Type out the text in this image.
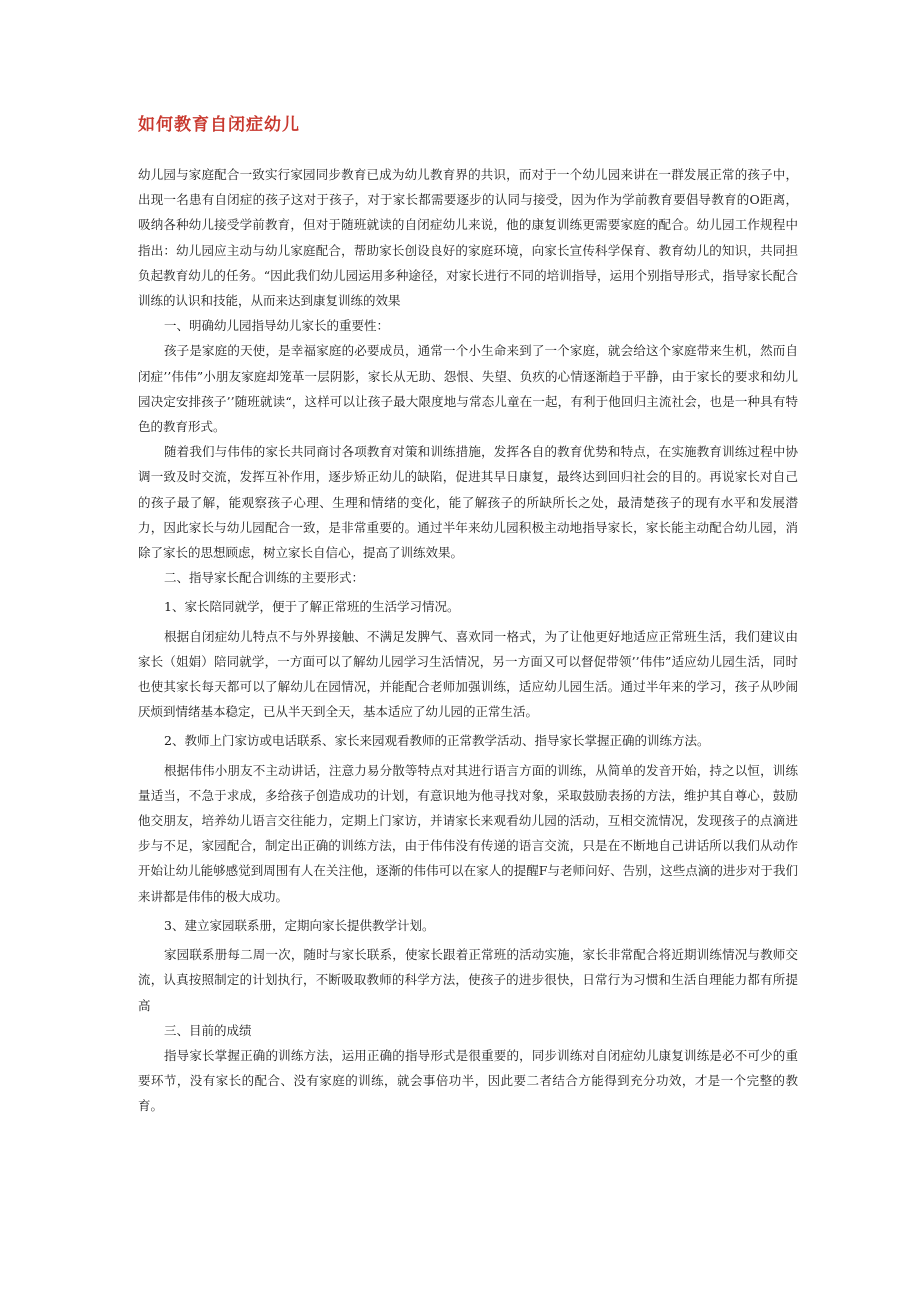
如何教育自闭症幼儿

幼儿园与家庭配合一致实行家园同步教育已成为幼儿教育界的共识，而对于一个幼儿园来讲在一群发展正常的孩子中，出现一名患有自闭症的孩子这对于孩子，对于家长都需要逐步的认同与接受，因为作为学前教育要倡导教育的O距离，吸纳各种幼儿接受学前教育，但对于随班就读的自闭症幼儿来说，他的康复训练更需要家庭的配合。幼儿园工作规程中指出：幼儿园应主动与幼儿家庭配合，帮助家长创设良好的家庭环境，向家长宣传科学保育、教育幼儿的知识，共同担负起教育幼儿的任务。“因此我们幼儿园运用多种途径，对家长进行不同的培训指导，运用个别指导形式，指导家长配合训练的认识和技能，从而来达到康复训练的效果

一、明确幼儿园指导幼儿家长的重要性：

孩子是家庭的天使，是幸福家庭的必要成员，通常一个小生命来到了一个家庭，就会给这个家庭带来生机，然而自闭症’’伟伟”小朋友家庭却笼革一层阴影，家长从无助、怨恨、失望、负疚的心情逐渐趋于平静，由于家长的要求和幼儿园决定安排孩子’’随班就读“，这样可以让孩子最大限度地与常态儿童在一起，有利于他回归主流社会，也是一种具有特色的教育形式。

随着我们与伟伟的家长共同商讨各项教育对策和训练措施，发挥各自的教育优势和特点，在实施教育训练过程中协调一致及时交流，发挥互补作用，逐步矫正幼儿的缺陷，促进其早日康复，最终达到回归社会的目的。再说家长对自己的孩子最了解，能观察孩子心理、生理和情绪的变化，能了解孩子的所缺所长之处，最清楚孩子的现有水平和发展潜力，因此家长与幼儿园配合一致，是非常重要的。通过半年来幼儿园积极主动地指导家长，家长能主动配合幼儿园，消除了家长的思想顾虑，树立家长自信心，提高了训练效果。

二、指导家长配合训练的主要形式：

1、家长陪同就学，便于了解正常班的生活学习情况。

根据自闭症幼儿特点不与外界接触、不满足发脾气、喜欢同一格式，为了让他更好地适应正常班生活，我们建议由家长（姐娟）陪同就学，一方面可以了解幼儿园学习生活情况，另一方面又可以督促带领’’伟伟”适应幼儿园生活，同时也使其家长每天都可以了解幼儿在园情况，并能配合老师加强训练，适应幼儿园生活。通过半年来的学习，孩子从吵闹厌烦到情绪基本稳定，已从半天到全天，基本适应了幼儿园的正常生活。

2、教师上门家访或电话联系、家长来园观看教师的正常教学活动、指导家长掌握正确的训练方法。

根据伟伟小朋友不主动讲话，注意力易分散等特点对其进行语言方面的训练，从简单的发音开始，持之以恒，训练量适当，不急于求成，多给孩子创造成功的计划，有意识地为他寻找对象，采取鼓励表扬的方法，维护其自尊心，鼓励他交朋友，培养幼儿语言交往能力，定期上门家访，并请家长来观看幼儿园的活动，互相交流情况，发现孩子的点滴进步与不足，家园配合，制定出正确的训练方法，由于伟伟没有传递的语言交流，只是在不断地自己讲话所以我们从动作开始让幼儿能够感觉到周围有人在关注他，逐渐的伟伟可以在家人的提醒F与老师问好、告别，这些点滴的进步对于我们来讲都是伟伟的极大成功。

3、建立家园联系册，定期向家长提供教学计划。

家园联系册每二周一次，随时与家长联系，使家长跟着正常班的活动实施，家长非常配合将近期训练情况与教师交流，认真按照制定的计划执行，不断吸取教师的科学方法，使孩子的进步很快，日常行为习惯和生活自理能力都有所提高

三、目前的成绩

指导家长掌握正确的训练方法，运用正确的指导形式是很重要的，同步训练对自闭症幼儿康复训练是必不可少的重要环节，没有家长的配合、没有家庭的训练，就会事倍功半，因此要二者结合方能得到充分功效，才是一个完整的教育。
